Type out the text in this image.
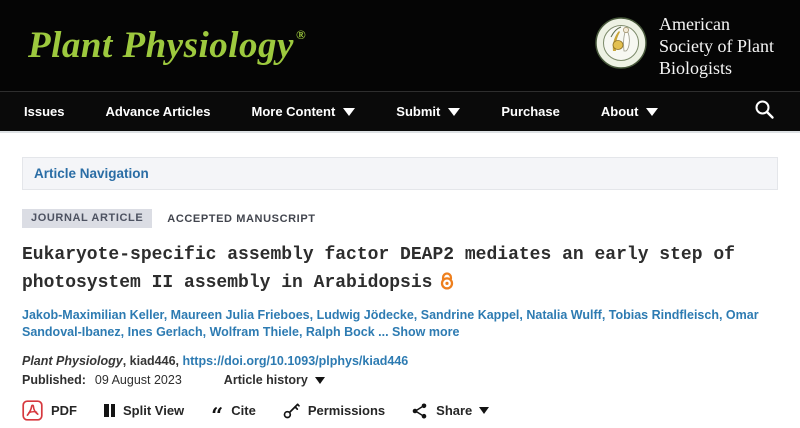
Plant Physiology ®
American
Society of Plant
Biologists
Issues	Advance Articles	More Content	Submit	Purchase	About
Article Navigation
JOURNAL ARTICLE	ACCEPTED MANUSCRIPT
Eukaryote-specific assembly factor DEAP2 mediates an early step of photosystem II assembly in Arabidopsis
Jakob-Maximilian Keller, Maureen Julia Frieboes, Ludwig Jödecke, Sandrine Kappel, Natalia Wulff, Tobias Rindfleisch, Omar Sandoval-Ibanez, Ines Gerlach, Wolfram Thiele, Ralph Bock ... Show more
Plant Physiology, kiad446, https://doi.org/10.1093/plphys/kiad446
Published: 09 August 2023	Article history
PDF	Split View “ Cite	Permissions	Share
